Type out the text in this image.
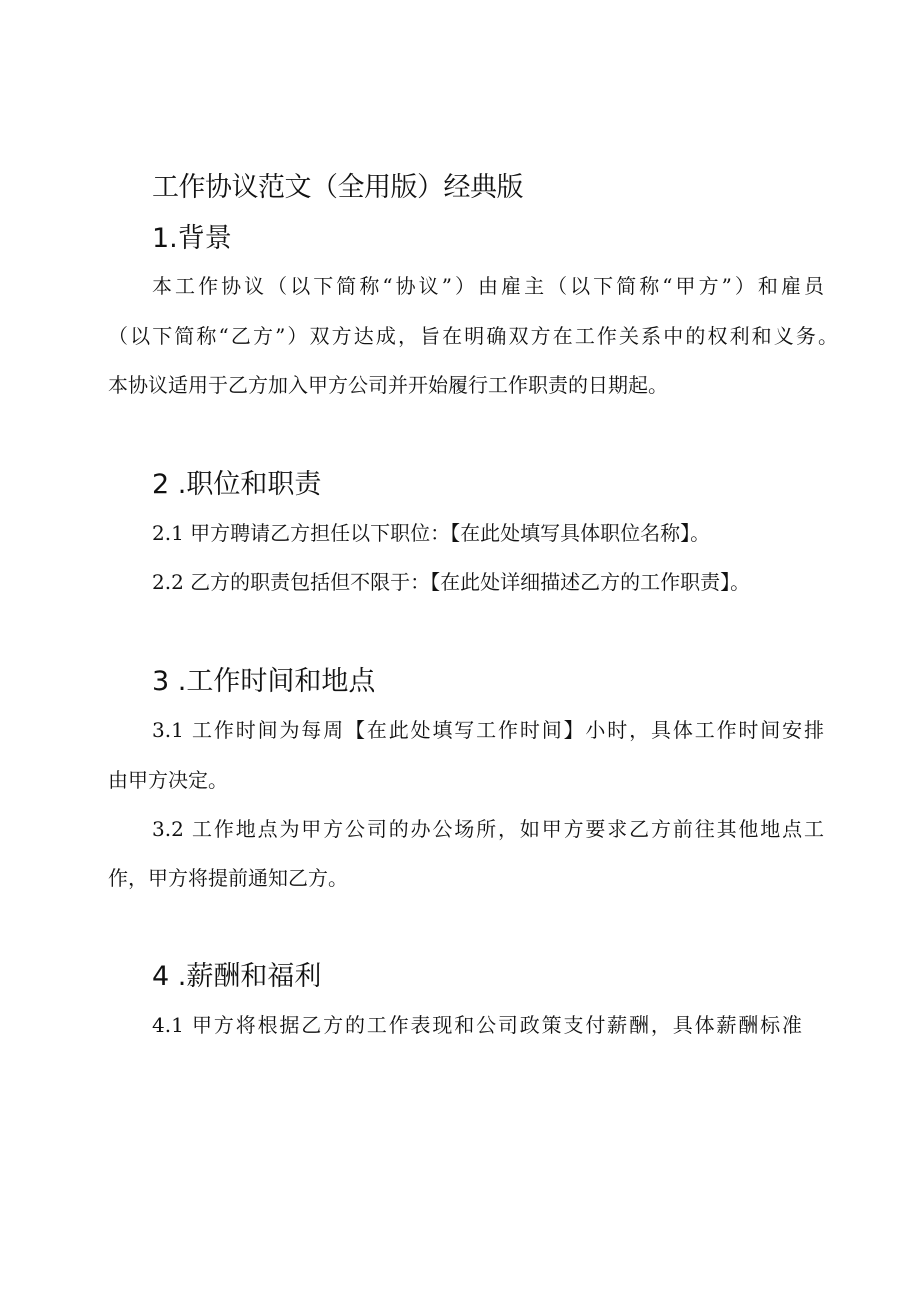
工作协议范文（全用版）经典版
1.背景
本工作协议（以下简称“协议”）由雇主（以下简称“甲方”）和雇员
（以下简称“乙方”）双方达成，旨在明确双方在工作关系中的权利和义务。
本协议适用于乙方加入甲方公司并开始履行工作职责的日期起。
2 .职位和职责
2.1 甲方聘请乙方担任以下职位：【在此处填写具体职位名称】。
2.2 乙方的职责包括但不限于：【在此处详细描述乙方的工作职责】。
3 .工作时间和地点
3.1 工作时间为每周【在此处填写工作时间】小时，具体工作时间安排
由甲方决定。
3.2 工作地点为甲方公司的办公场所，如甲方要求乙方前往其他地点工
作，甲方将提前通知乙方。
4 .薪酬和福利
4.1 甲方将根据乙方的工作表现和公司政策支付薪酬，具体薪酬标准
